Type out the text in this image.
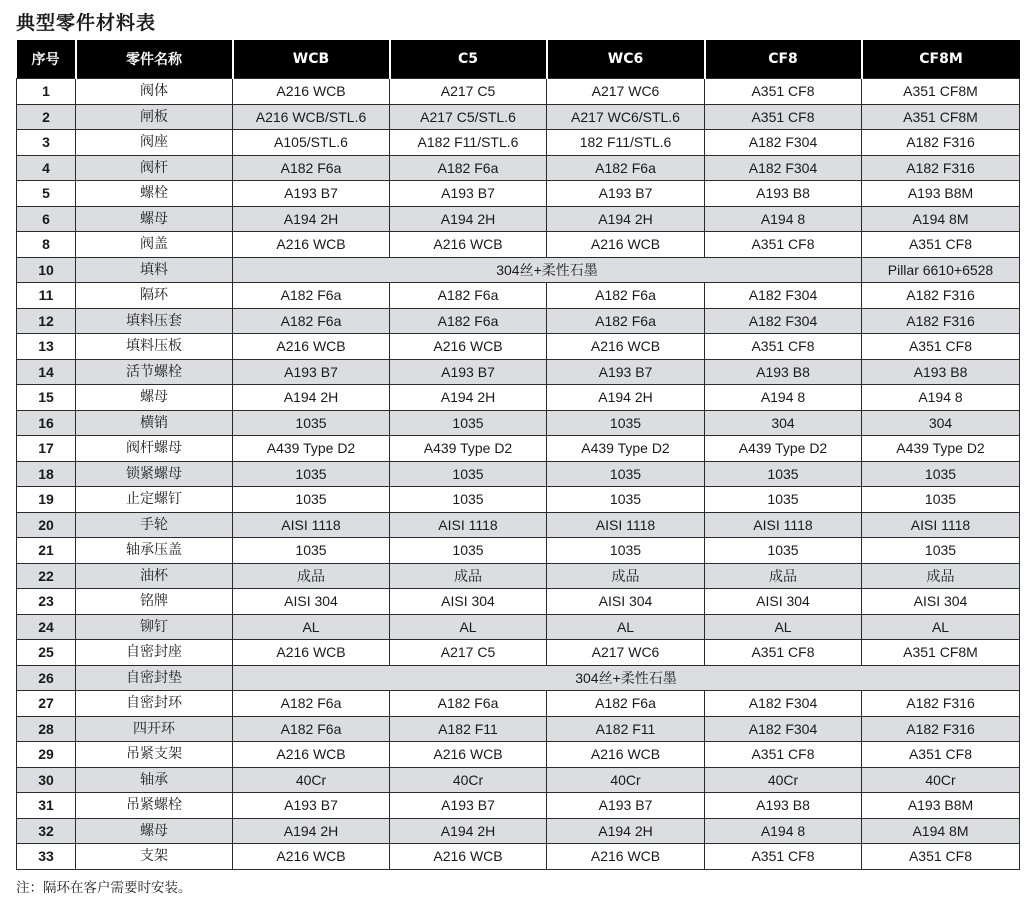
典型零件材料表
序号	零件名称	WCB	C5	WC6	CF8	CF8M
1	阀体	A216 WCB	A217 C5	A217 WC6	A351 CF8	A351 CF8M
2	闸板	A216 WCB/STL.6	A217 C5/STL.6	A217 WC6/STL.6	A351 CF8	A351 CF8M
3	阀座	A105/STL.6	A182 F11/STL.6	182 F11/STL.6	A182 F304	A182 F316
4	阀杆	A182 F6a	A182 F6a	A182 F6a	A182 F304	A182 F316
5	螺栓	A193 B7	A193 B7	A193 B7	A193 B8	A193 B8M
6	螺母	A194 2H	A194 2H	A194 2H	A194 8	A194 8M
8	阀盖	A216 WCB	A216 WCB	A216 WCB	A351 CF8	A351 CF8
10	填料	304丝+柔性石墨				Pillar 6610+6528
11	隔环	A182 F6a	A182 F6a	A182 F6a	A182 F304	A182 F316
12	填料压套	A182 F6a	A182 F6a	A182 F6a	A182 F304	A182 F316
13	填料压板	A216 WCB	A216 WCB	A216 WCB	A351 CF8	A351 CF8
14	活节螺栓	A193 B7	A193 B7	A193 B7	A193 B8	A193 B8
15	螺母	A194 2H	A194 2H	A194 2H	A194 8	A194 8
16	横销	1035	1035	1035	304	304
17	阀杆螺母	A439 Type D2	A439 Type D2	A439 Type D2	A439 Type D2	A439 Type D2
18	锁紧螺母	1035	1035	1035	1035	1035
19	止定螺钉	1035	1035	1035	1035	1035
20	手轮	AISI 1118	AISI 1118	AISI 1118	AISI 1118	AISI 1118
21	轴承压盖	1035	1035	1035	1035	1035
22	油杯	成品	成品	成品	成品	成品
23	铭牌	AISI 304	AISI 304	AISI 304	AISI 304	AISI 304
24	铆钉	AL	AL	AL	AL	AL
25	自密封座	A216 WCB	A217 C5	A217 WC6	A351 CF8	A351 CF8M
26	自密封垫	304丝+柔性石墨				
27	自密封环	A182 F6a	A182 F6a	A182 F6a	A182 F304	A182 F316
28	四开环	A182 F6a	A182 F11	A182 F11	A182 F304	A182 F316
29	吊紧支架	A216 WCB	A216 WCB	A216 WCB	A351 CF8	A351 CF8
30	轴承	40Cr	40Cr	40Cr	40Cr	40Cr
31	吊紧螺栓	A193 B7	A193 B7	A193 B7	A193 B8	A193 B8M
32	螺母	A194 2H	A194 2H	A194 2H	A194 8	A194 8M
33	支架	A216 WCB	A216 WCB	A216 WCB	A351 CF8	A351 CF8
注：隔环在客户需要时安装。
